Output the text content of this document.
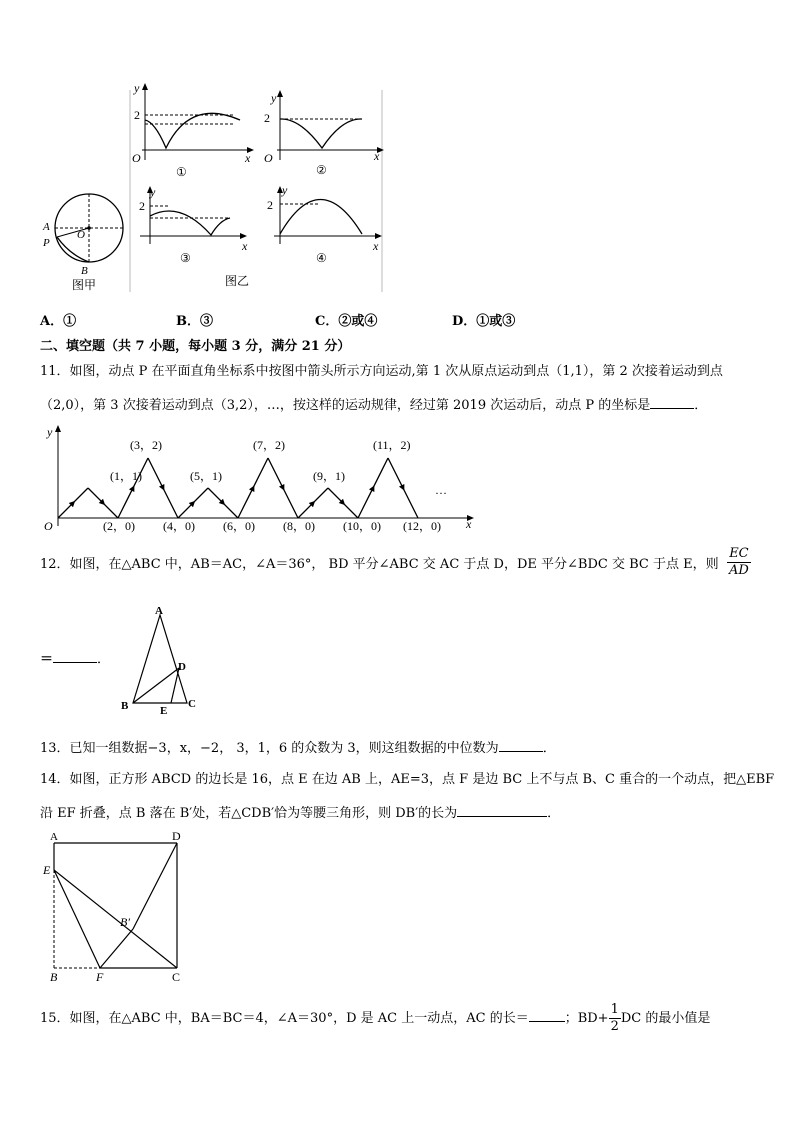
y
2
O	x
①
y
2
O	x
②
y
2
x
③
y
2
x
④
A
P
O
B
图甲	图乙
A．①	B．③	C．②或④	D．①或③
二、填空题（共 7 小题，每小题 3 分，满分 21 分）
11．如图，动点 P 在平面直角坐标系中按图中箭头所示方向运动,第 1 次从原点运动到点（1,1），第 2 次接着运动到点
（2,0），第 3 次接着运动到点（3,2），…，按这样的运动规律，经过第 2019 次运动后，动点 P 的坐标是	．
y
x
O
(1，1)
(3，2)
(5，1)
(7，2)
(9，1)
(11，2)
(2，0) (4，0) (6，0) (8，0) (10，0) (12，0)
…
12．如图，在△ABC 中，AB＝AC，∠A＝36°， BD 平分∠ABC 交 AC 于点 D，DE 平分∠BDC 交 BC 于点 E，则 $\frac{EC}{AD}$
＝	．
A
B	C
D
E
13．已知一组数据−3，x，−2， 3，1，6 的众数为 3，则这组数据的中位数为	．
14．如图，正方形 ABCD 的边长是 16，点 E 在边 AB 上，AE=3，点 F 是边 BC 上不与点 B、C 重合的一个动点，把△EBF
沿 EF 折叠，点 B 落在 B′处，若△CDB′恰为等腰三角形，则 DB′的长为	．
A	D
E
B′
B	F	C
15．如图，在△ABC 中，BA＝BC＝4，∠A＝30°，D 是 AC 上一动点，AC 的长＝	；$BD+ \frac{1}{2}$ DC 的最小值是
